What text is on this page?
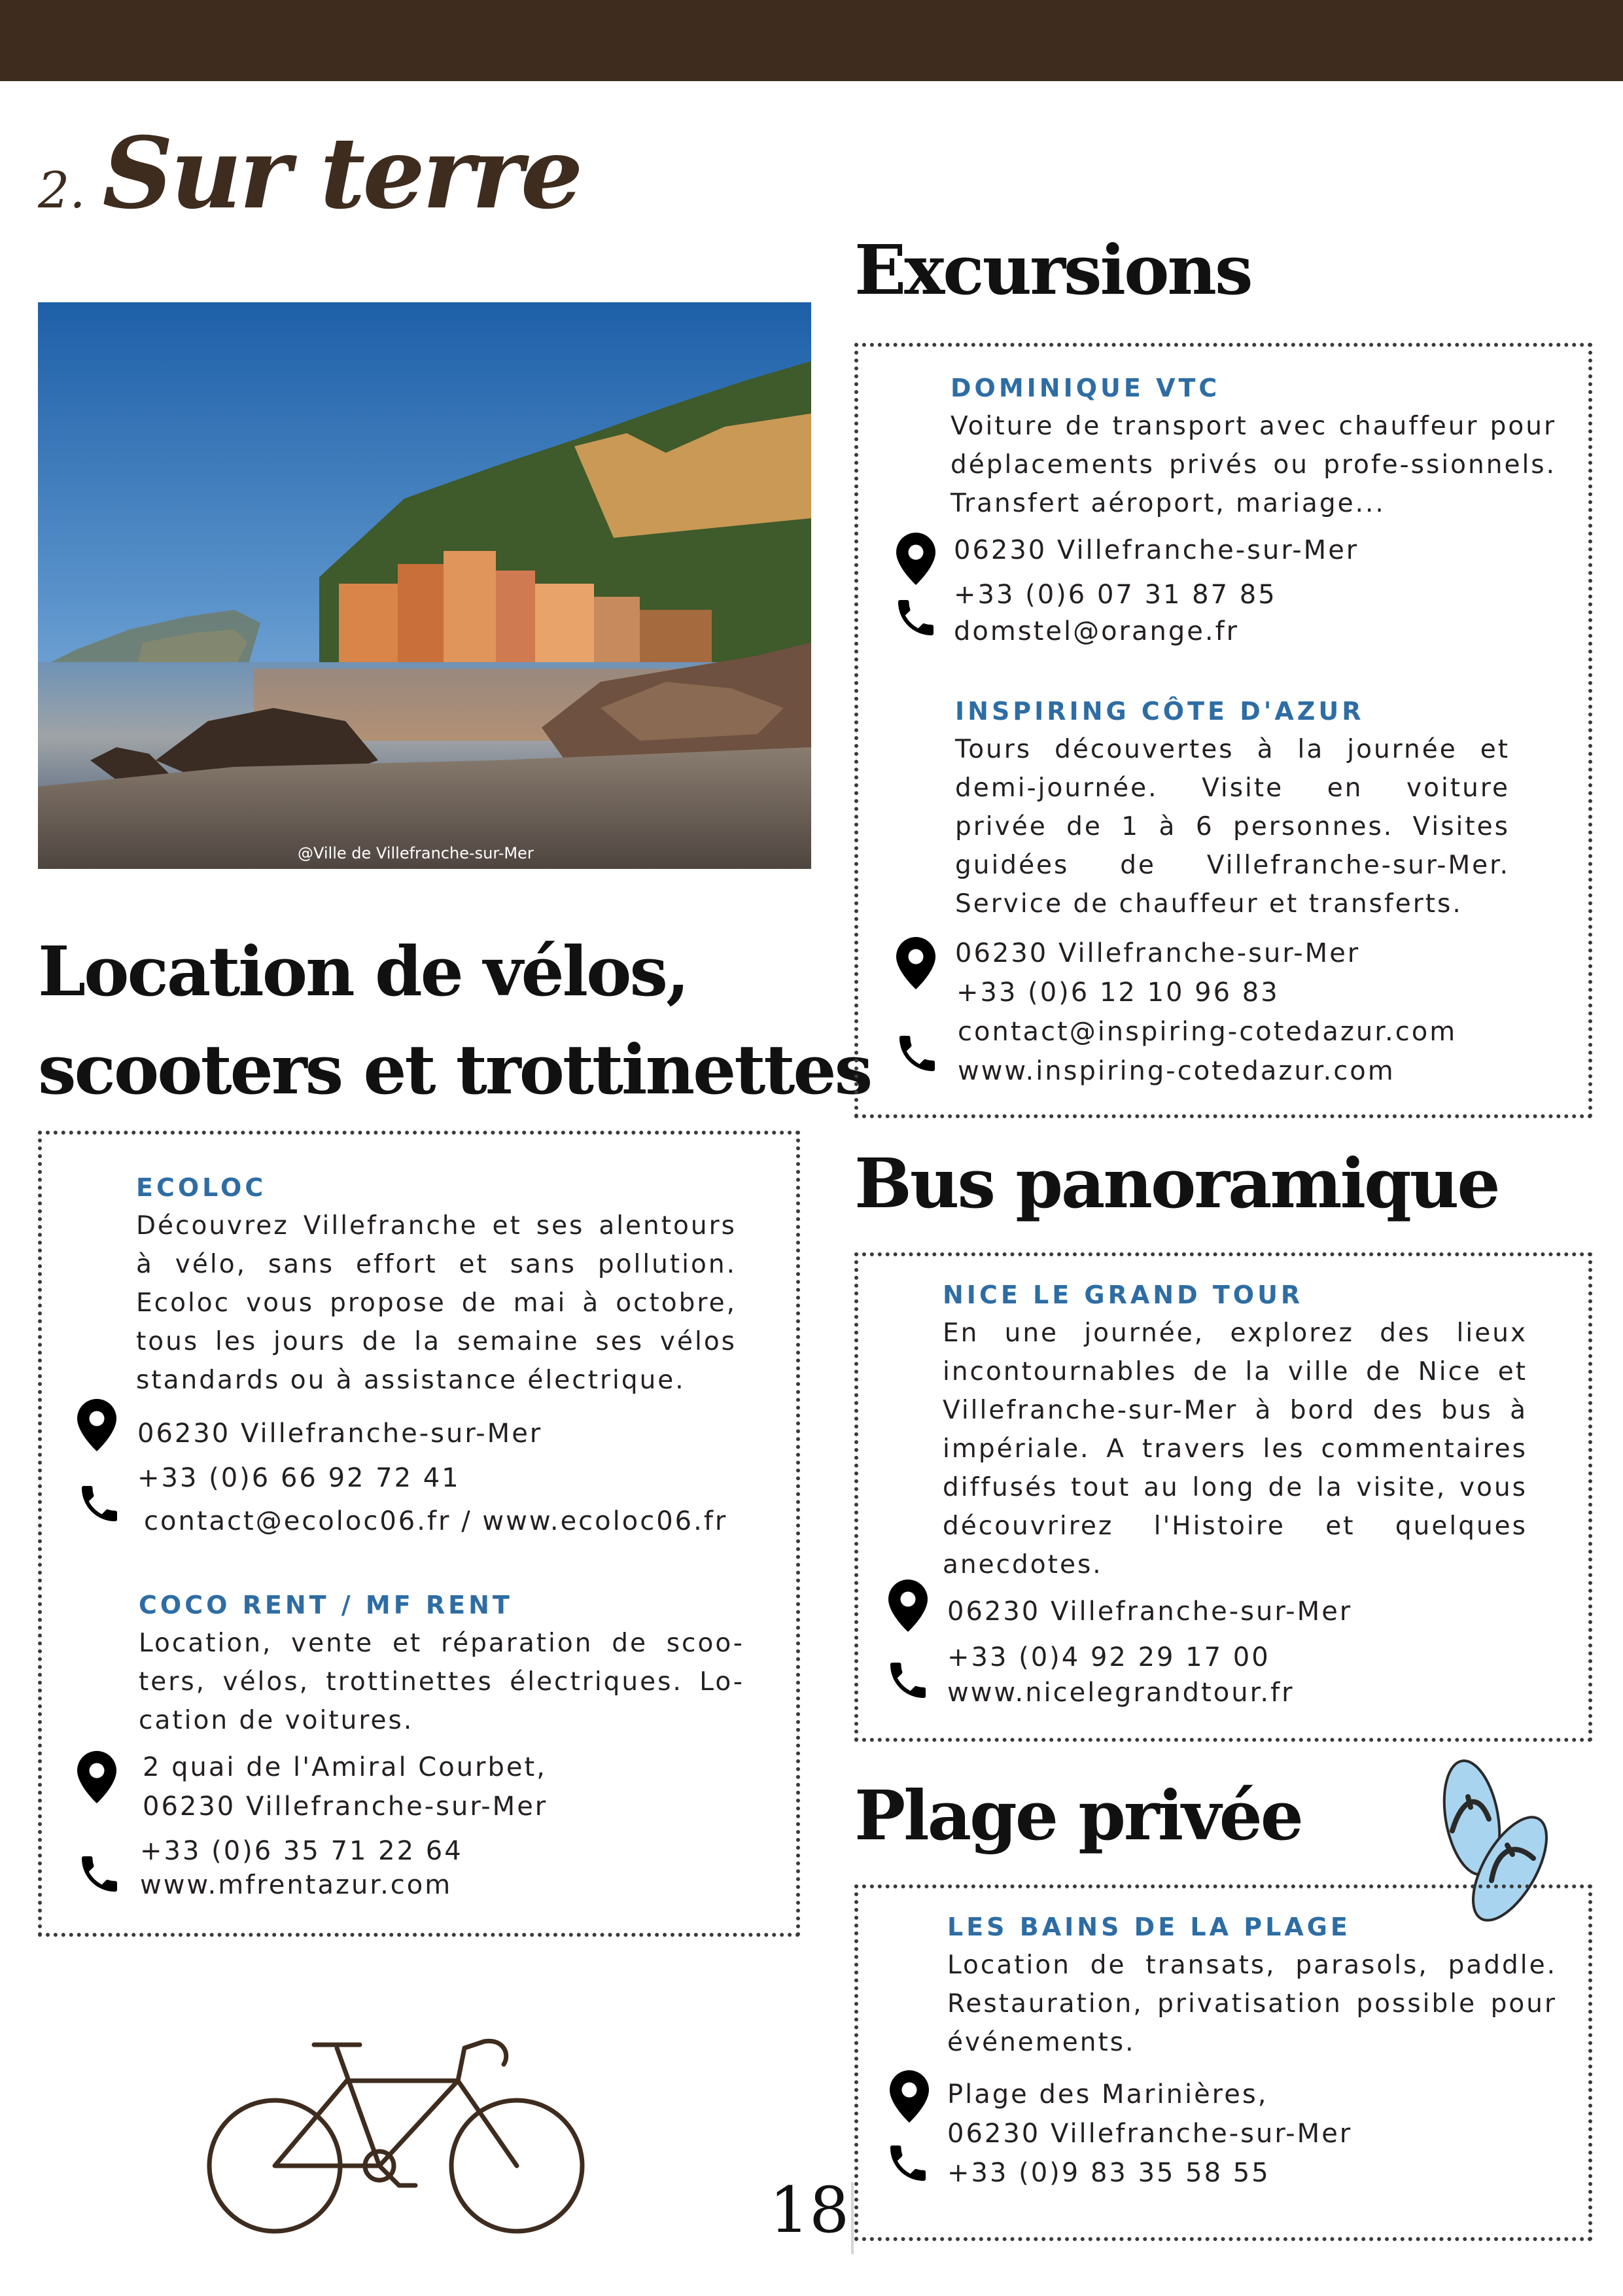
2. Sur terre
@Ville de Villefranche-sur-Mer
Location de vélos,
scooters et trottinettes
ECOLOC
Découvrez Villefranche et ses alentours à vélo, sans effort et sans pollution. Ecoloc vous propose de mai à octobre, tous les jours de la semaine ses vélos standards ou à assistance électrique.
06230 Villefranche-sur-Mer
+33 (0)6 66 92 72 41
contact@ecoloc06.fr / www.ecoloc06.fr
COCO RENT / MF RENT
Location, vente et réparation de scoo-ters, vélos, trottinettes électriques. Lo-cation de voitures.
2 quai de l'Amiral Courbet,
06230 Villefranche-sur-Mer
+33 (0)6 35 71 22 64
www.mfrentazur.com
Excursions
DOMINIQUE VTC
Voiture de transport avec chauffeur pour déplacements privés ou profe-ssionnels. Transfert aéroport, mariage...
06230 Villefranche-sur-Mer
+33 (0)6 07 31 87 85
domstel@orange.fr
INSPIRING CÔTE D'AZUR
Tours découvertes à la journée et demi-journée. Visite en voiture privée de 1 à 6 personnes. Visites guidées de Villefranche-sur-Mer. Service de chauffeur et transferts.
06230 Villefranche-sur-Mer
+33 (0)6 12 10 96 83
contact@inspiring-cotedazur.com
www.inspiring-cotedazur.com
Bus panoramique
NICE LE GRAND TOUR
En une journée, explorez des lieux incontournables de la ville de Nice et Villefranche-sur-Mer à bord des bus à impériale. A travers les commentaires diffusés tout au long de la visite, vous découvrirez l'Histoire et quelques anecdotes.
06230 Villefranche-sur-Mer
+33 (0)4 92 29 17 00
www.nicelegrandtour.fr
Plage privée
LES BAINS DE LA PLAGE
Location de transats, parasols, paddle. Restauration, privatisation possible pour événements.
Plage des Marinières,
06230 Villefranche-sur-Mer
+33 (0)9 83 35 58 55
18
